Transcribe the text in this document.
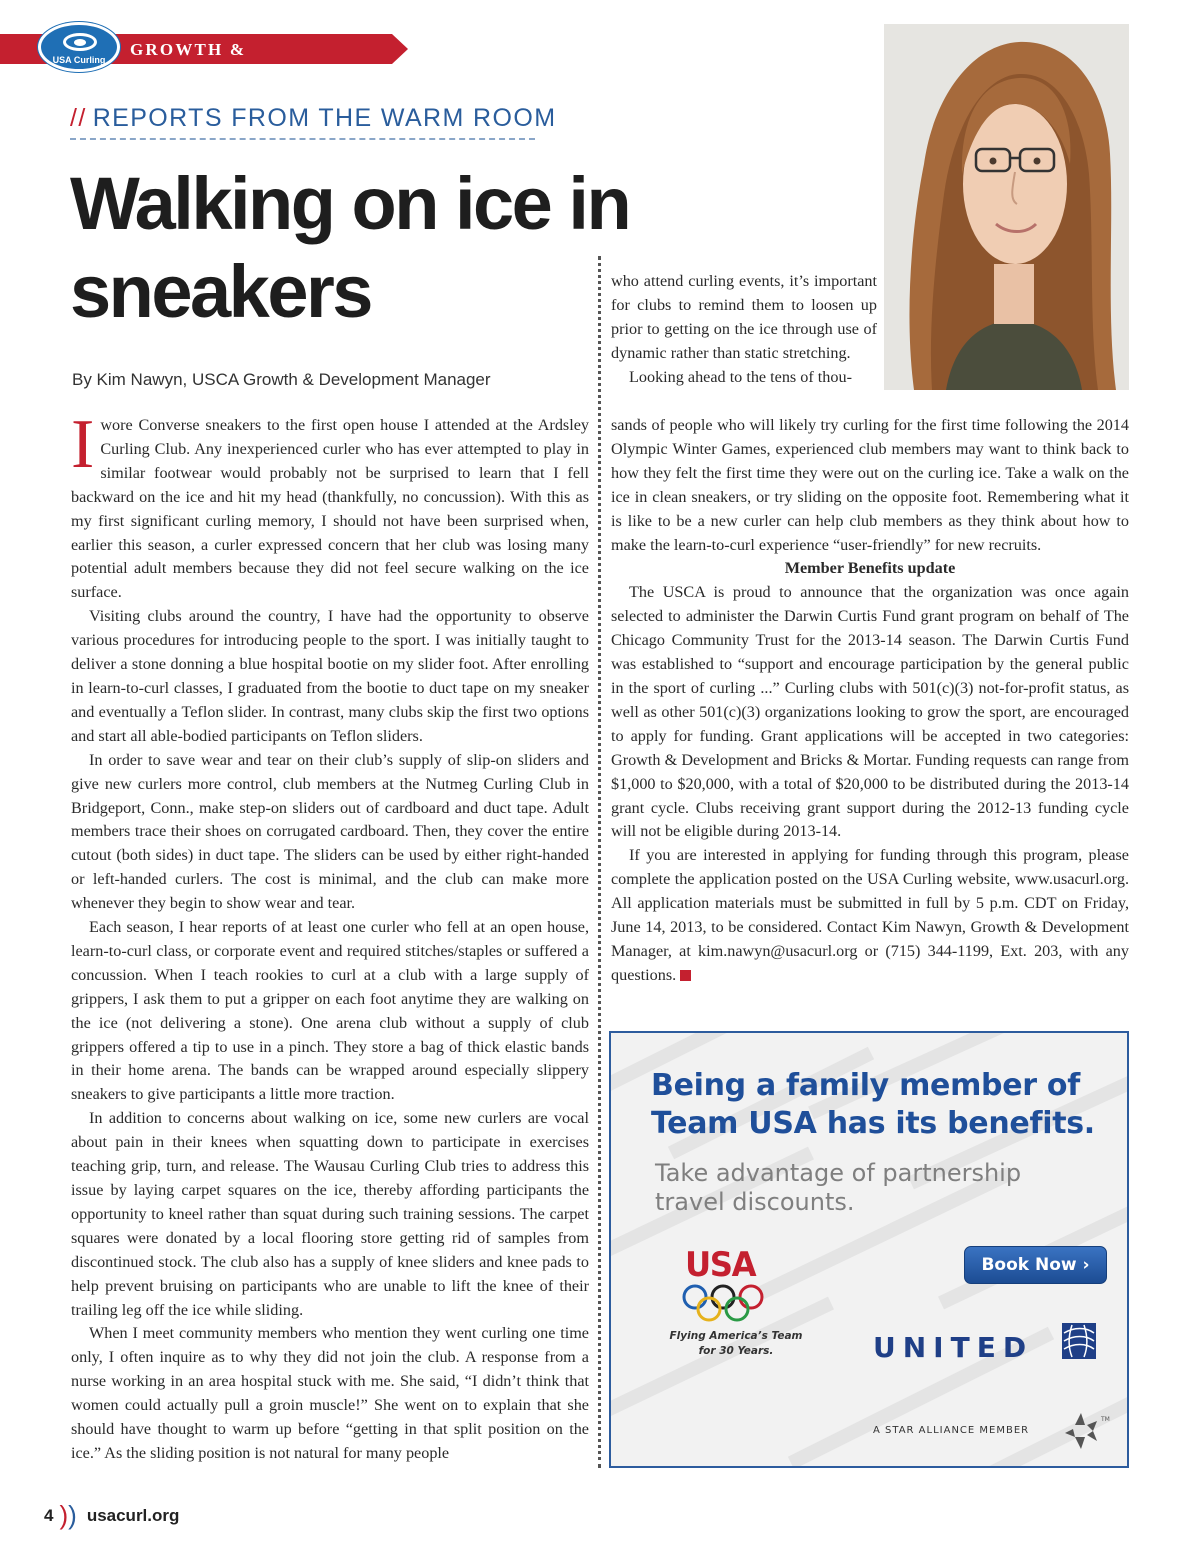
GROWTH & DEVELOPMENT
USA Curling
// REPORTS FROM THE WARM ROOM
Walking on ice in sneakers
By Kim Nawyn, USCA Growth & Development Manager

Iwore Converse sneakers to the first open house I attended at the Ardsley Curling Club. Any inexperienced curler who has ever attempted to play in similar footwear would probably not be surprised to learn that I fell backward on the ice and hit my head (thankfully, no concussion). With this as my first significant curling memory, I should not have been surprised when, earlier this season, a curler expressed concern that her club was losing many potential adult members because they did not feel secure walking on the ice surface.

Visiting clubs around the country, I have had the opportunity to observe various procedures for introducing people to the sport. I was initially taught to deliver a stone donning a blue hospital bootie on my slider foot. After enrolling in learn-to-curl classes, I graduated from the bootie to duct tape on my sneaker and eventually a Teflon slider. In contrast, many clubs skip the first two options and start all able-bodied participants on Teflon sliders.

In order to save wear and tear on their club’s supply of slip-on sliders and give new curlers more control, club members at the Nutmeg Curling Club in Bridgeport, Conn., make step-on sliders out of cardboard and duct tape. Adult members trace their shoes on corrugated cardboard. Then, they cover the entire cutout (both sides) in duct tape. The sliders can be used by either right-handed or left-handed curlers. The cost is minimal, and the club can make more whenever they begin to show wear and tear.

Each season, I hear reports of at least one curler who fell at an open house, learn-to-curl class, or corporate event and required stitches/staples or suffered a concussion. When I teach rookies to curl at a club with a large supply of grippers, I ask them to put a gripper on each foot anytime they are walking on the ice (not delivering a stone). One arena club without a supply of club grippers offered a tip to use in a pinch. They store a bag of thick elastic bands in their home arena. The bands can be wrapped around especially slippery sneakers to give participants a little more traction.

In addition to concerns about walking on ice, some new curlers are vocal about pain in their knees when squatting down to participate in exercises teaching grip, turn, and release. The Wausau Curling Club tries to address this issue by laying carpet squares on the ice, thereby affording participants the opportunity to kneel rather than squat during such training sessions. The carpet squares were donated by a local flooring store getting rid of samples from discontinued stock. The club also has a supply of knee sliders and knee pads to help prevent bruising on participants who are unable to lift the knee of their trailing leg off the ice while sliding.

When I meet community members who mention they went curling one time only, I often inquire as to why they did not join the club. A response from a nurse working in an area hospital stuck with me. She said, “I didn’t think that women could actually pull a groin muscle!” She went on to explain that she should have thought to warm up before “getting in that split position on the ice.” As the sliding position is not natural for many people

who attend curling events, it’s important for clubs to remind them to loosen up prior to getting on the ice through use of dynamic rather than static stretching.

Looking ahead to the tens of thou-

sands of people who will likely try curling for the first time following the 2014 Olympic Winter Games, experienced club members may want to think back to how they felt the first time they were out on the curling ice. Take a walk on the ice in clean sneakers, or try sliding on the opposite foot. Remembering what it is like to be a new curler can help club members as they think about how to make the learn-to-curl experience “user-friendly” for new recruits.

Member Benefits update

The USCA is proud to announce that the organization was once again selected to administer the Darwin Curtis Fund grant program on behalf of The Chicago Community Trust for the 2013-14 season. The Darwin Curtis Fund was established to “support and encourage participation by the general public in the sport of curling ...” Curling clubs with 501(c)(3) not-for-profit status, as well as other 501(c)(3) organizations looking to grow the sport, are encouraged to apply for funding. Grant applications will be accepted in two categories: Growth & Development and Bricks & Mortar. Funding requests can range from $1,000 to $20,000, with a total of $20,000 to be distributed during the 2013-14 grant cycle. Clubs receiving grant support during the 2012-13 funding cycle will not be eligible during 2013-14.

If you are interested in applying for funding through this program, please complete the application posted on the USA Curling website, www.usacurl.org. All application materials must be submitted in full by 5 p.m. CDT on Friday, June 14, 2013, to be considered. Contact Kim Nawyn, Growth & Development Manager, at kim.nawyn@usacurl.org or (715) 344-1199, Ext. 203, with any questions.

Being a family member of Team USA has its benefits.
Take advantage of partnership travel discounts.
USA
Flying America’s Team
for 30 Years.
Book Now ›
UNITED
A STAR ALLIANCE MEMBER
TM
4 )) usacurl.org
